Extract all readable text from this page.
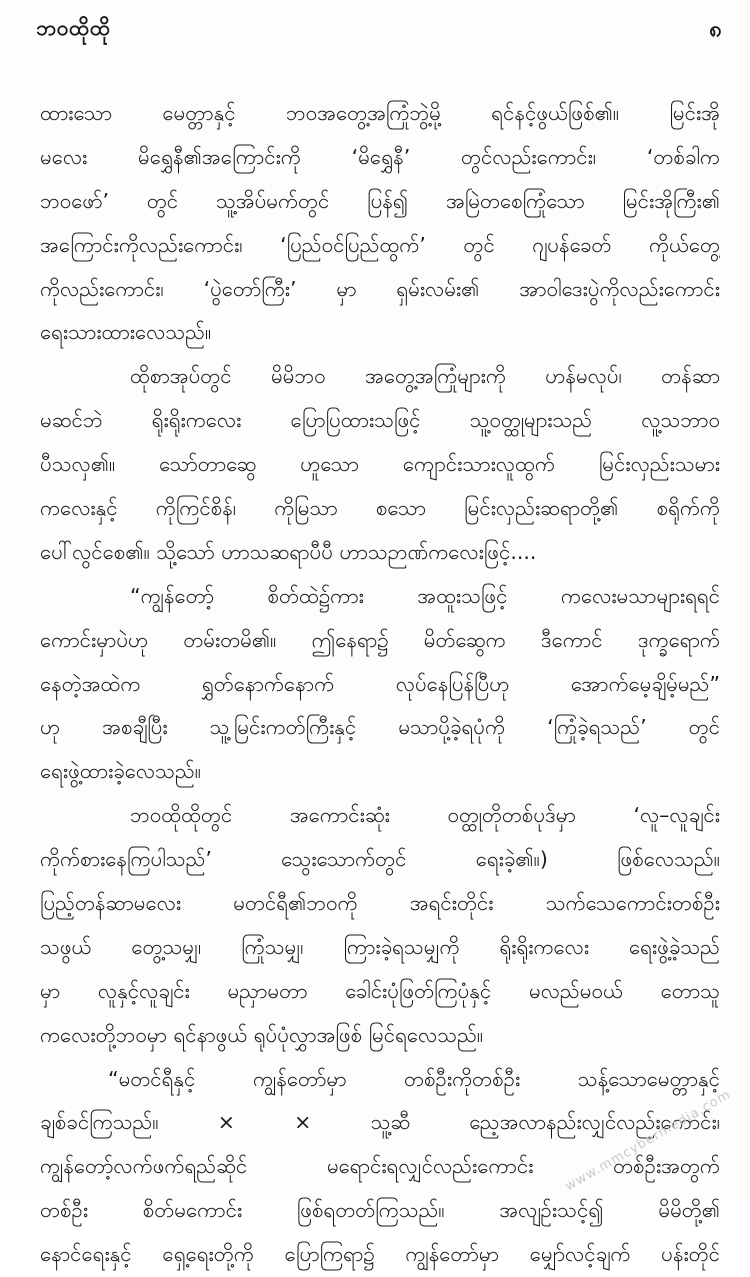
ဘဝထိုထို	၈
ထားသော မေတ္တာနှင့် ဘဝအတွေ့အကြုံဘွဲ့မို့ ရင်နင့်ဖွယ်ဖြစ်၏။ မြင်းအို
မလေး မိရွှေနီ၏အကြောင်းကို ‘မိရွှေနီ’ တွင်လည်းကောင်း၊ ‘တစ်ခါက
ဘဝဖော်’ တွင် သူ့အိပ်မက်တွင် ပြန်၍ အမြဲတစေကြုံသော မြင်းအိုကြီး၏
အကြောင်းကိုလည်းကောင်း၊ ‘ပြည်ဝင်ပြည်ထွက်’ တွင် ဂျပန်ခေတ် ကိုယ်တွေ့
ကိုလည်းကောင်း၊ ‘ပွဲတော်ကြီး’ မှာ ရှမ်းလမ်း၏ အာဝါဒေးပွဲကိုလည်းကောင်း
ရေးသားထားလေသည်။
ထိုစာအုပ်တွင် မိမိဘဝ အတွေ့အကြုံများကို ဟန်မလုပ်၊ တန်ဆာ
မဆင်ဘဲ ရိုးရိုးကလေး ပြောပြထားသဖြင့် သူ့ဝတ္ထုများသည် လူ့သဘာဝ
ပီသလှ၏။ သော်တာဆွေ ဟူသော ကျောင်းသားလူထွက် မြင်းလှည်းသမား
ကလေးနှင့် ကိုကြင်စိန်၊ ကိုမြသာ စသော မြင်းလှည်းဆရာတို့၏ စရိုက်ကို
ပေါ်လွင်စေ၏။ သို့သော် ဟာသဆရာပီပီ ဟာသဉာဏ်ကလေးဖြင့်....
“ကျွန်တော့် စိတ်ထဲ၌ကား အထူးသဖြင့် ကလေးမသာများရရင်
ကောင်းမှာပဲဟု တမ်းတမိ၏။ ဤနေရာ၌ မိတ်ဆွေက ဒီကောင် ဒုက္ခရောက်
နေတဲ့အထဲက ရွှတ်နောက်နောက် လုပ်နေပြန်ပြီဟု အောက်မေ့ချိမ့်မည်”
ဟု အစချီပြီး သူ့မြင်းကတ်ကြီးနှင့် မသာပို့ခဲ့ရပုံကို ‘ကြုံခဲ့ရသည်’ တွင်
ရေးဖွဲ့ထားခဲ့လေသည်။
ဘဝထိုထိုတွင် အကောင်းဆုံး ဝတ္ထုတိုတစ်ပုဒ်မှာ ‘လူ–လူချင်း
ကိုက်စားနေကြပါသည်’ သွေးသောက်တွင် ရေးခဲ့၏။) ဖြစ်လေသည်။
ပြည့်တန်ဆာမလေး မတင်ရီ၏ဘဝကို အရင်းတိုင်း သက်သေကောင်းတစ်ဦး
သဖွယ် တွေ့သမျှ၊ ကြုံသမျှ၊ ကြားခဲ့ရသမျှကို ရိုးရိုးကလေး ရေးဖွဲ့ခဲ့သည်
မှာ လူနှင့်လူချင်း မညှာမတာ ခေါင်းပုံဖြတ်ကြပုံနှင့် မလည်မဝယ် တောသူ
ကလေးတို့ဘဝမှာ ရင်နာဖွယ် ရုပ်ပုံလွှာအဖြစ် မြင်ရလေသည်။
“မတင်ရီနှင့် ကျွန်တော်မှာ တစ်ဦးကိုတစ်ဦး သန့်သောမေတ္တာနှင့်
ချစ်ခင်ကြသည်။ × × သူ့ဆီ ညေ့အလာနည်းလျှင်လည်းကောင်း၊
ကျွန်တော့်လက်ဖက်ရည်ဆိုင် မရောင်းရလျှင်လည်းကောင်း တစ်ဦးအတွက်
တစ်ဦး စိတ်မကောင်း ဖြစ်ရတတ်ကြသည်။ အလျဉ်းသင့်၍ မိမိတို့၏
နောင်ရေးနှင့် ရှေ့ရေးတို့ကို ပြောကြရာ၌ ကျွန်တော်မှာ မျှော်လင့်ချက် ပန်းတိုင်
www.mmcybermedia.com
